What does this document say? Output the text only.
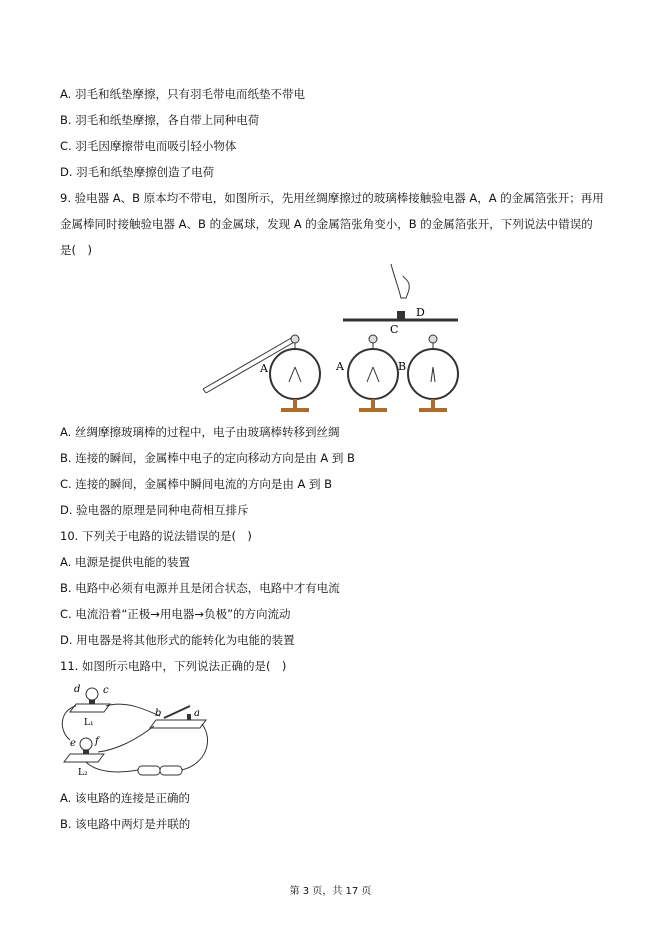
A. 羽毛和纸垫摩擦，只有羽毛带电而纸垫不带电
B. 羽毛和纸垫摩擦，各自带上同种电荷
C. 羽毛因摩擦带电而吸引轻小物体
D. 羽毛和纸垫摩擦创造了电荷
9. 验电器 A、B 原本均不带电，如图所示，先用丝绸摩擦过的玻璃棒接触验电器 A，A 的金属箔张开；再用
金属棒同时接触验电器 A、B 的金属球，发现 A 的金属箔张角变小，B 的金属箔张开，下列说法中错误的
是(　)
A
D
C
A	B
A. 丝绸摩擦玻璃棒的过程中，电子由玻璃棒转移到丝绸
B. 连接的瞬间，金属棒中电子的定向移动方向是由 A 到 B
C. 连接的瞬间，金属棒中瞬间电流的方向是由 A 到 B
D. 验电器的原理是同种电荷相互排斥
10. 下列关于电路的说法错误的是(　)
A. 电源是提供电能的装置
B. 电路中必须有电源并且是闭合状态，电路中才有电流
C. 电流沿着“正极→用电器→负极”的方向流动
D. 用电器是将其他形式的能转化为电能的装置
11. 如图所示电路中，下列说法正确的是(　)
d c
L₁
b	a
e f
L₂
A. 该电路的连接是正确的
B. 该电路中两灯是并联的
第 3 页，共 17 页
